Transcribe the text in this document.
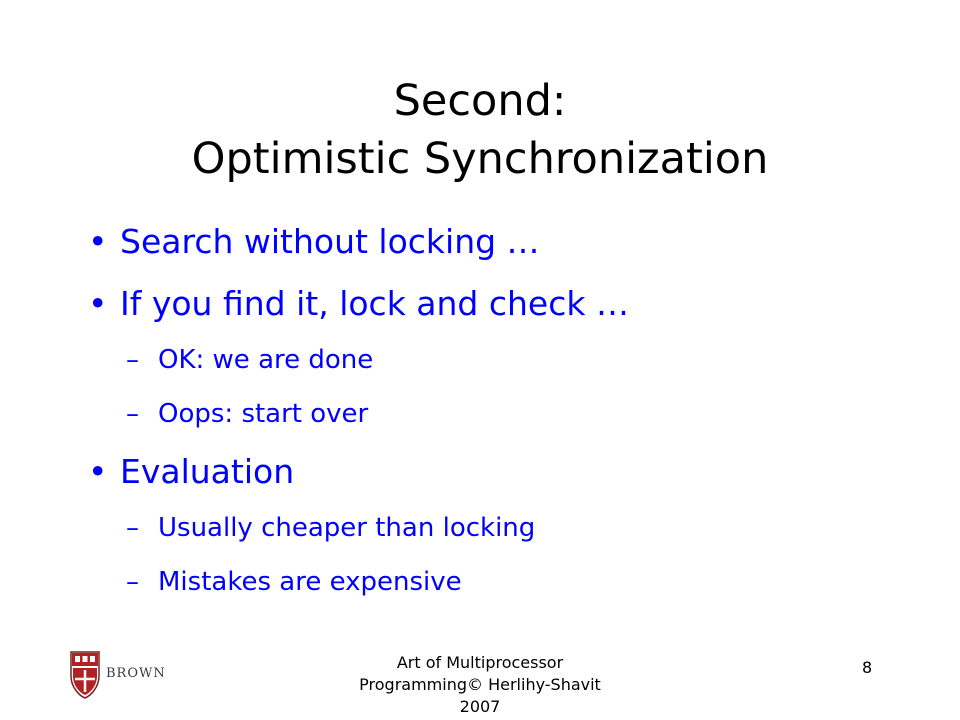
Second:
Optimistic Synchronization
• Search without locking …
• If you find it, lock and check …
– OK: we are done
– Oops: start over
• Evaluation
– Usually cheaper than locking
– Mistakes are expensive
BROWN
Art of Multiprocessor
Programming© Herlihy-Shavit
2007
8
